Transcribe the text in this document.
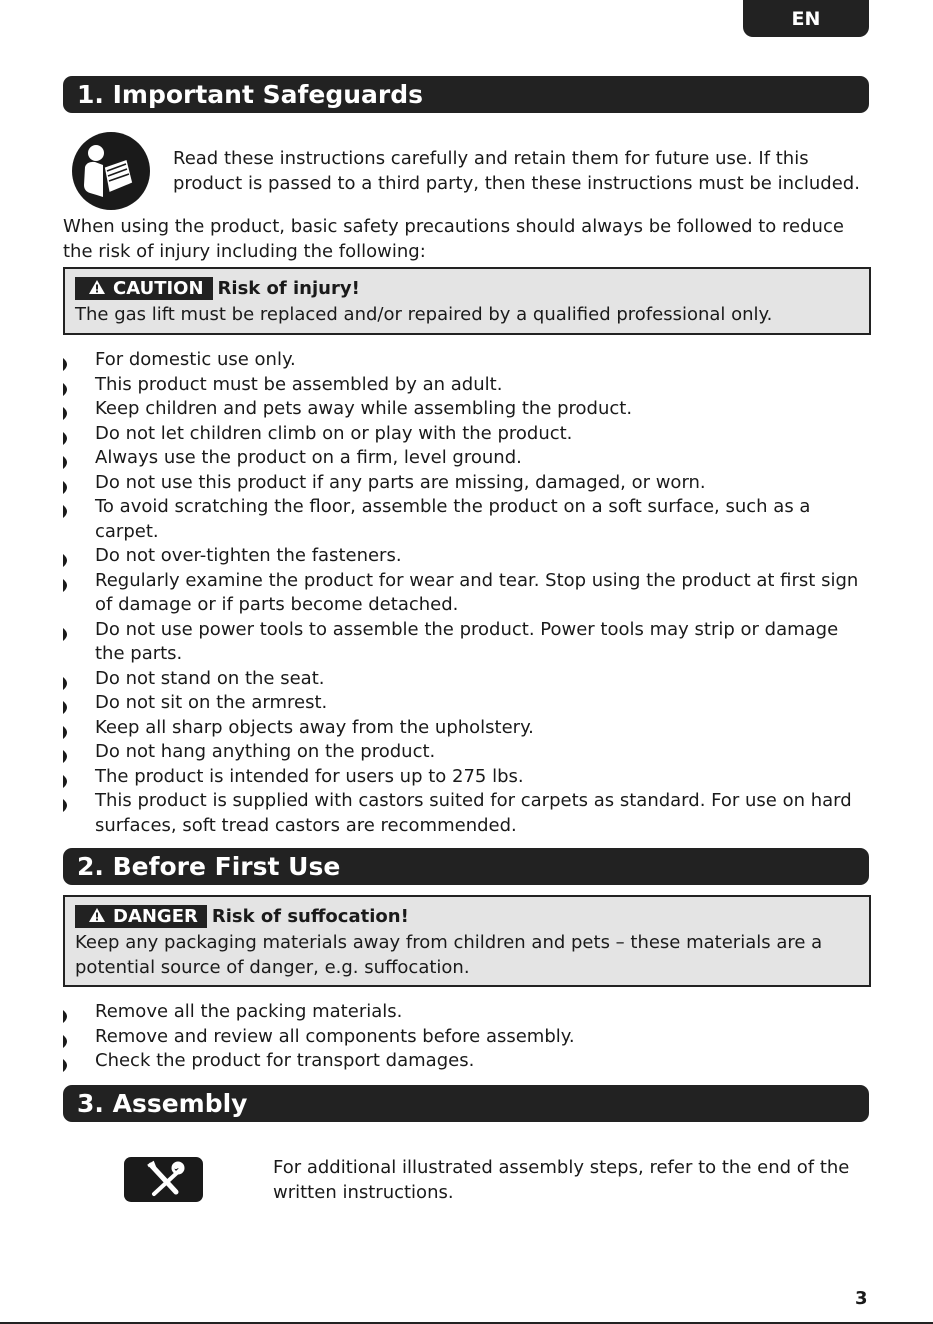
EN
1. Important Safeguards
Read these instructions carefully and retain them for future use. If this
product is passed to a third party, then these instructions must be included.
When using the product, basic safety precautions should always be followed to reduce
the risk of injury including the following:
CAUTION Risk of injury!
The gas lift must be replaced and/or repaired by a qualified professional only.
For domestic use only.
This product must be assembled by an adult.
Keep children and pets away while assembling the product.
Do not let children climb on or play with the product.
Always use the product on a firm, level ground.
Do not use this product if any parts are missing, damaged, or worn.
To avoid scratching the floor, assemble the product on a soft surface, such as a carpet.
Do not over-tighten the fasteners.
Regularly examine the product for wear and tear. Stop using the product at first sign of damage or if parts become detached.
Do not use power tools to assemble the product. Power tools may strip or damage the parts.
Do not stand on the seat.
Do not sit on the armrest.
Keep all sharp objects away from the upholstery.
Do not hang anything on the product.
The product is intended for users up to 275 lbs.
This product is supplied with castors suited for carpets as standard. For use on hard surfaces, soft tread castors are recommended.
2. Before First Use
DANGER Risk of suffocation!
Keep any packaging materials away from children and pets – these materials are a potential source of danger, e.g. suffocation.
Remove all the packing materials.
Remove and review all components before assembly.
Check the product for transport damages.
3. Assembly
For additional illustrated assembly steps, refer to the end of the
written instructions.
3
